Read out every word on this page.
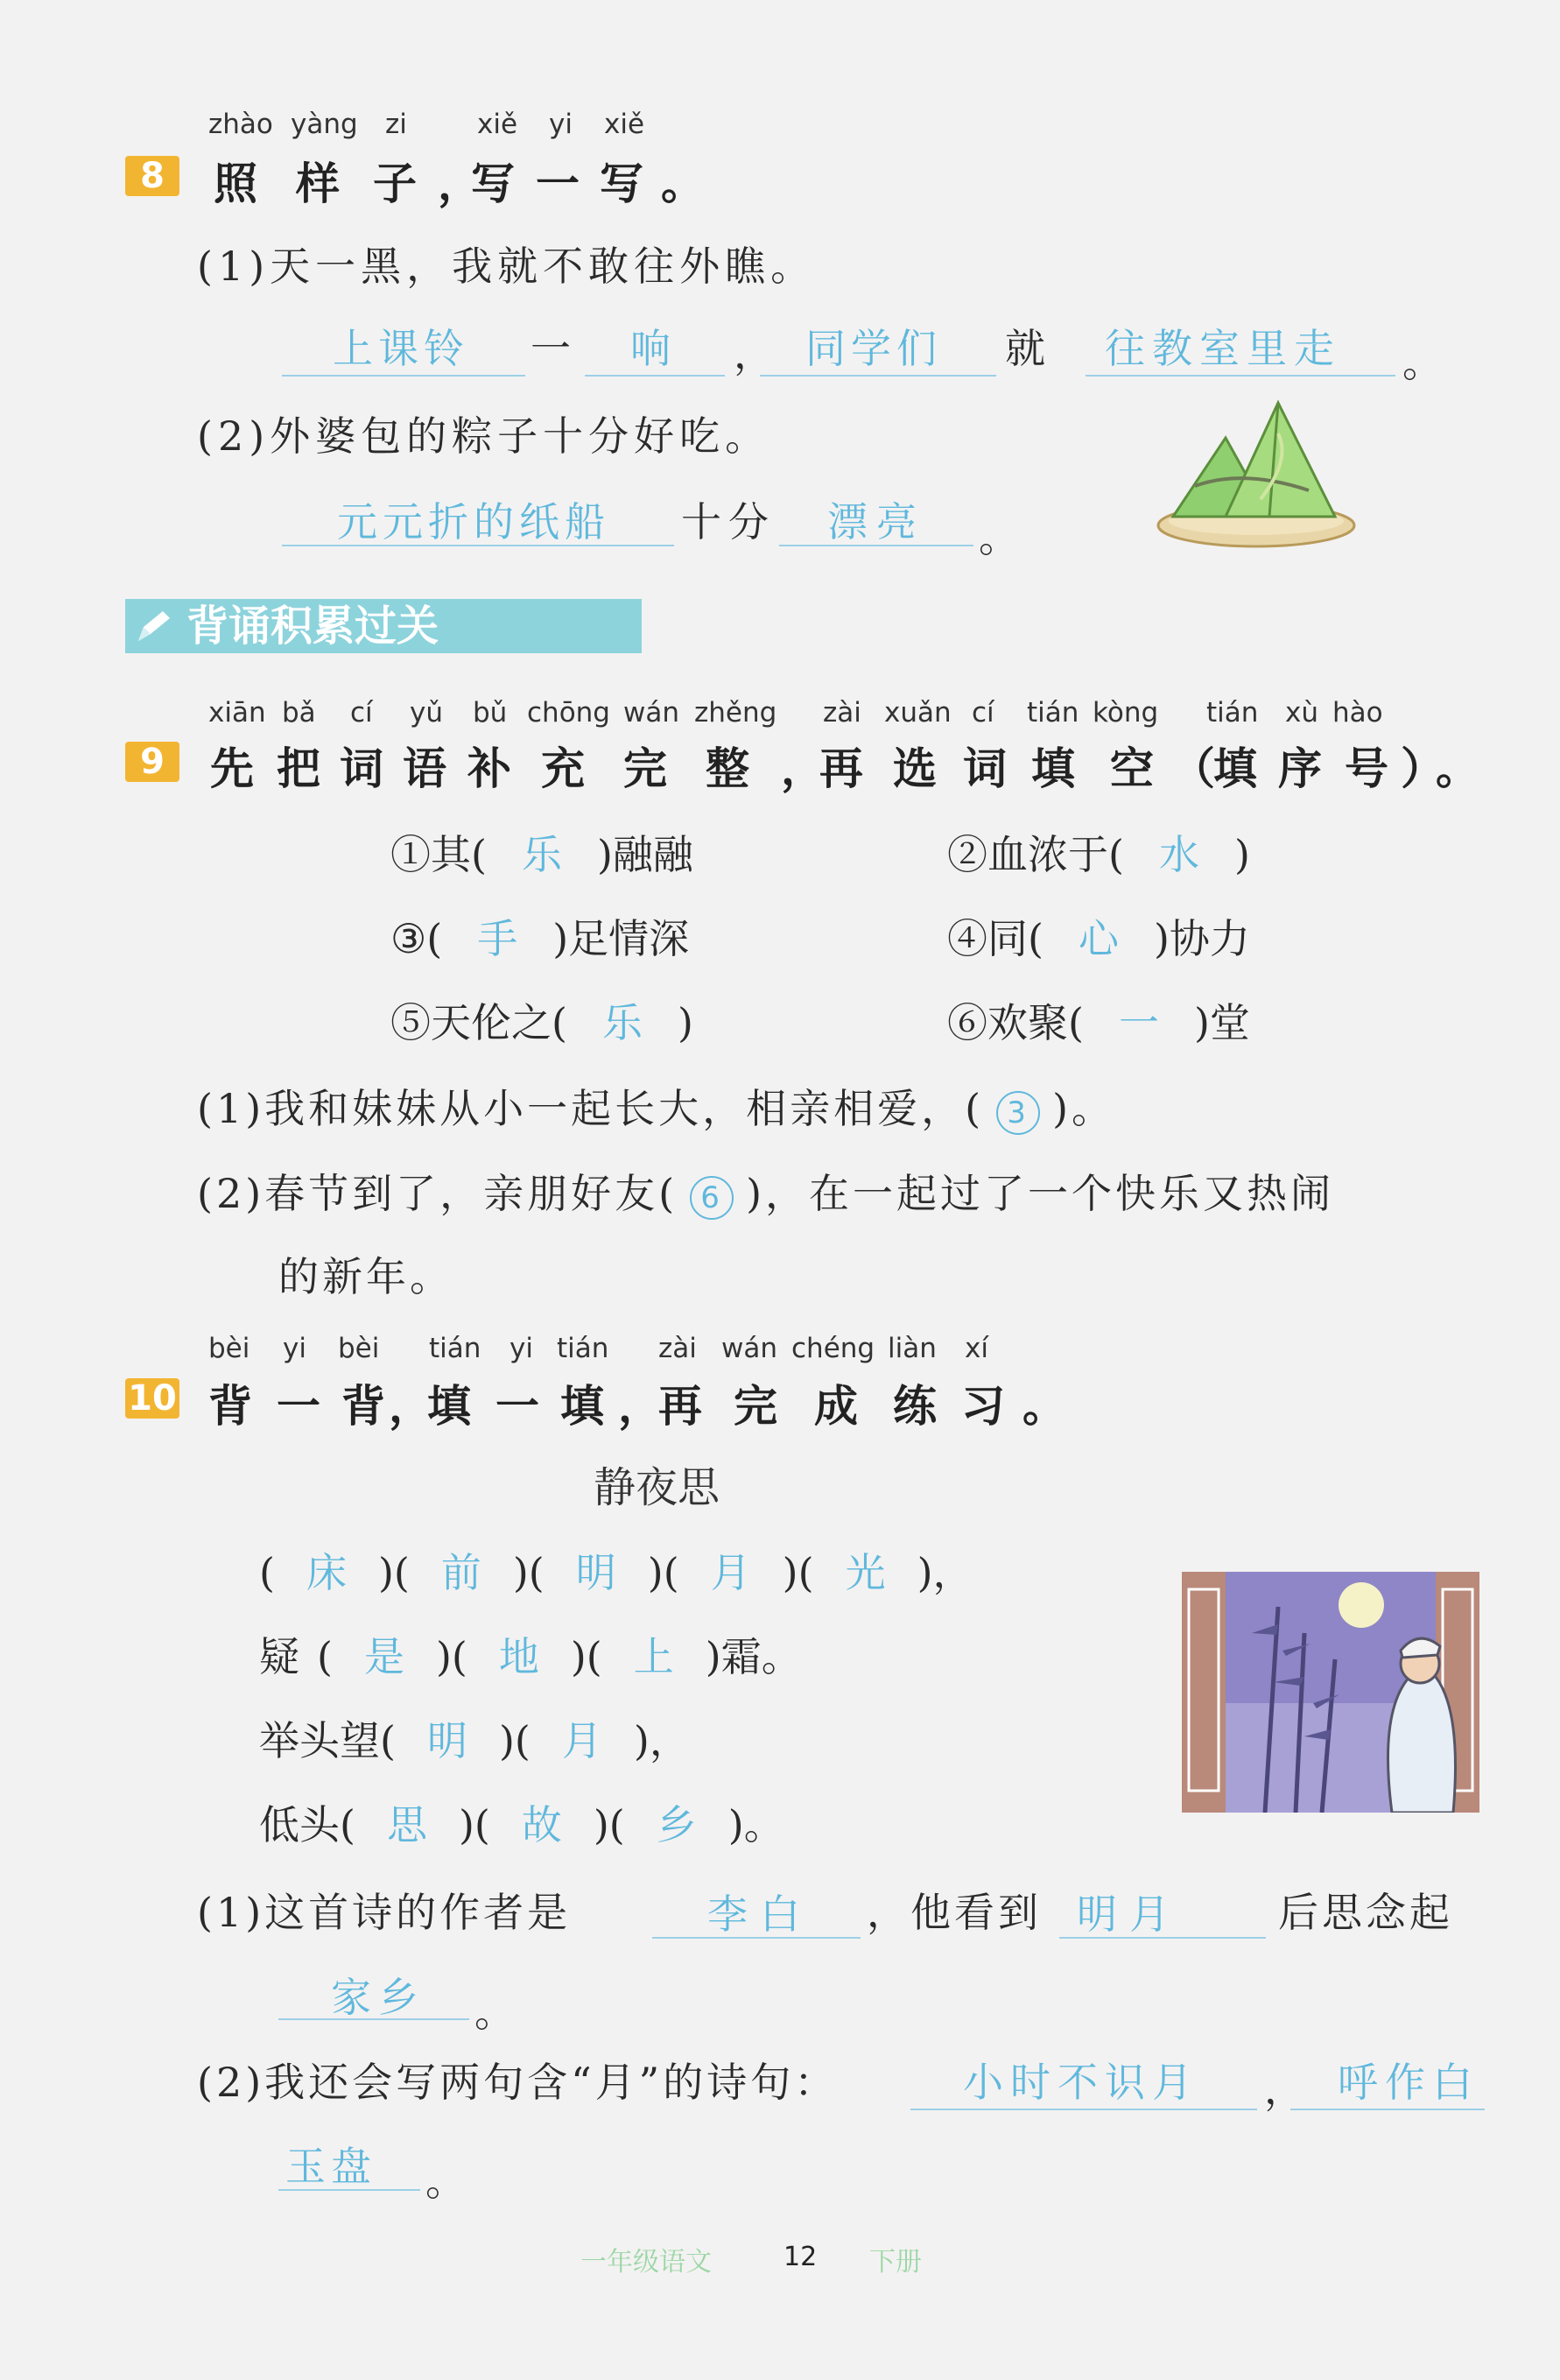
8
zhào yàng zi	xiě yi xiě
照 样 子 ，
写 一 写 。
(1)天一黑，我就不敢往外瞧。
上课铃 一 响 ， 同学们 就 往教室里走 。
(2)外婆包的粽子十分好吃。
元元折的纸船 十分 漂亮 。
背诵积累过关
9
xiān bǎ cí yǔ bǔ chōng wán zhěng zài xuǎn cí tián kòng tián xù hào
先 把 词 语 补 充 完 整 ，
再 选 词 填 空 （
填 序 号 ）
。
①其( 乐 )融融	②血浓于( 水 )
③( 手 )足情深	④同( 心 )协力
⑤天伦之( 乐 )	⑥欢聚( 一 )堂
(1)我和妹妹从小一起长大，相亲相爱，( 3 )。
(2)春节到了，亲朋好友( 6 )，在一起过了一个快乐又热闹
的新年。
10
bèi yi bèi tián yi tián zài wán chéng liàn xí
背 一 背 ，
填 一 填 ，
再 完 成 练 习 。
静夜思
( 床 )( 前 )( 明 )( 月 )( 光 )，
疑 ( 是 )( 地 )( 上 )霜。
举头望( 明 )( 月 )，
低头( 思 )( 故 )( 乡 )。
(1)这首诗的作者是	李白 ，他看到 明月 后思念起
家乡 。
(2)我还会写两句含“月”的诗句：	小时不识月 ， 呼作白
玉盘 。
一年级语文	12 下册
